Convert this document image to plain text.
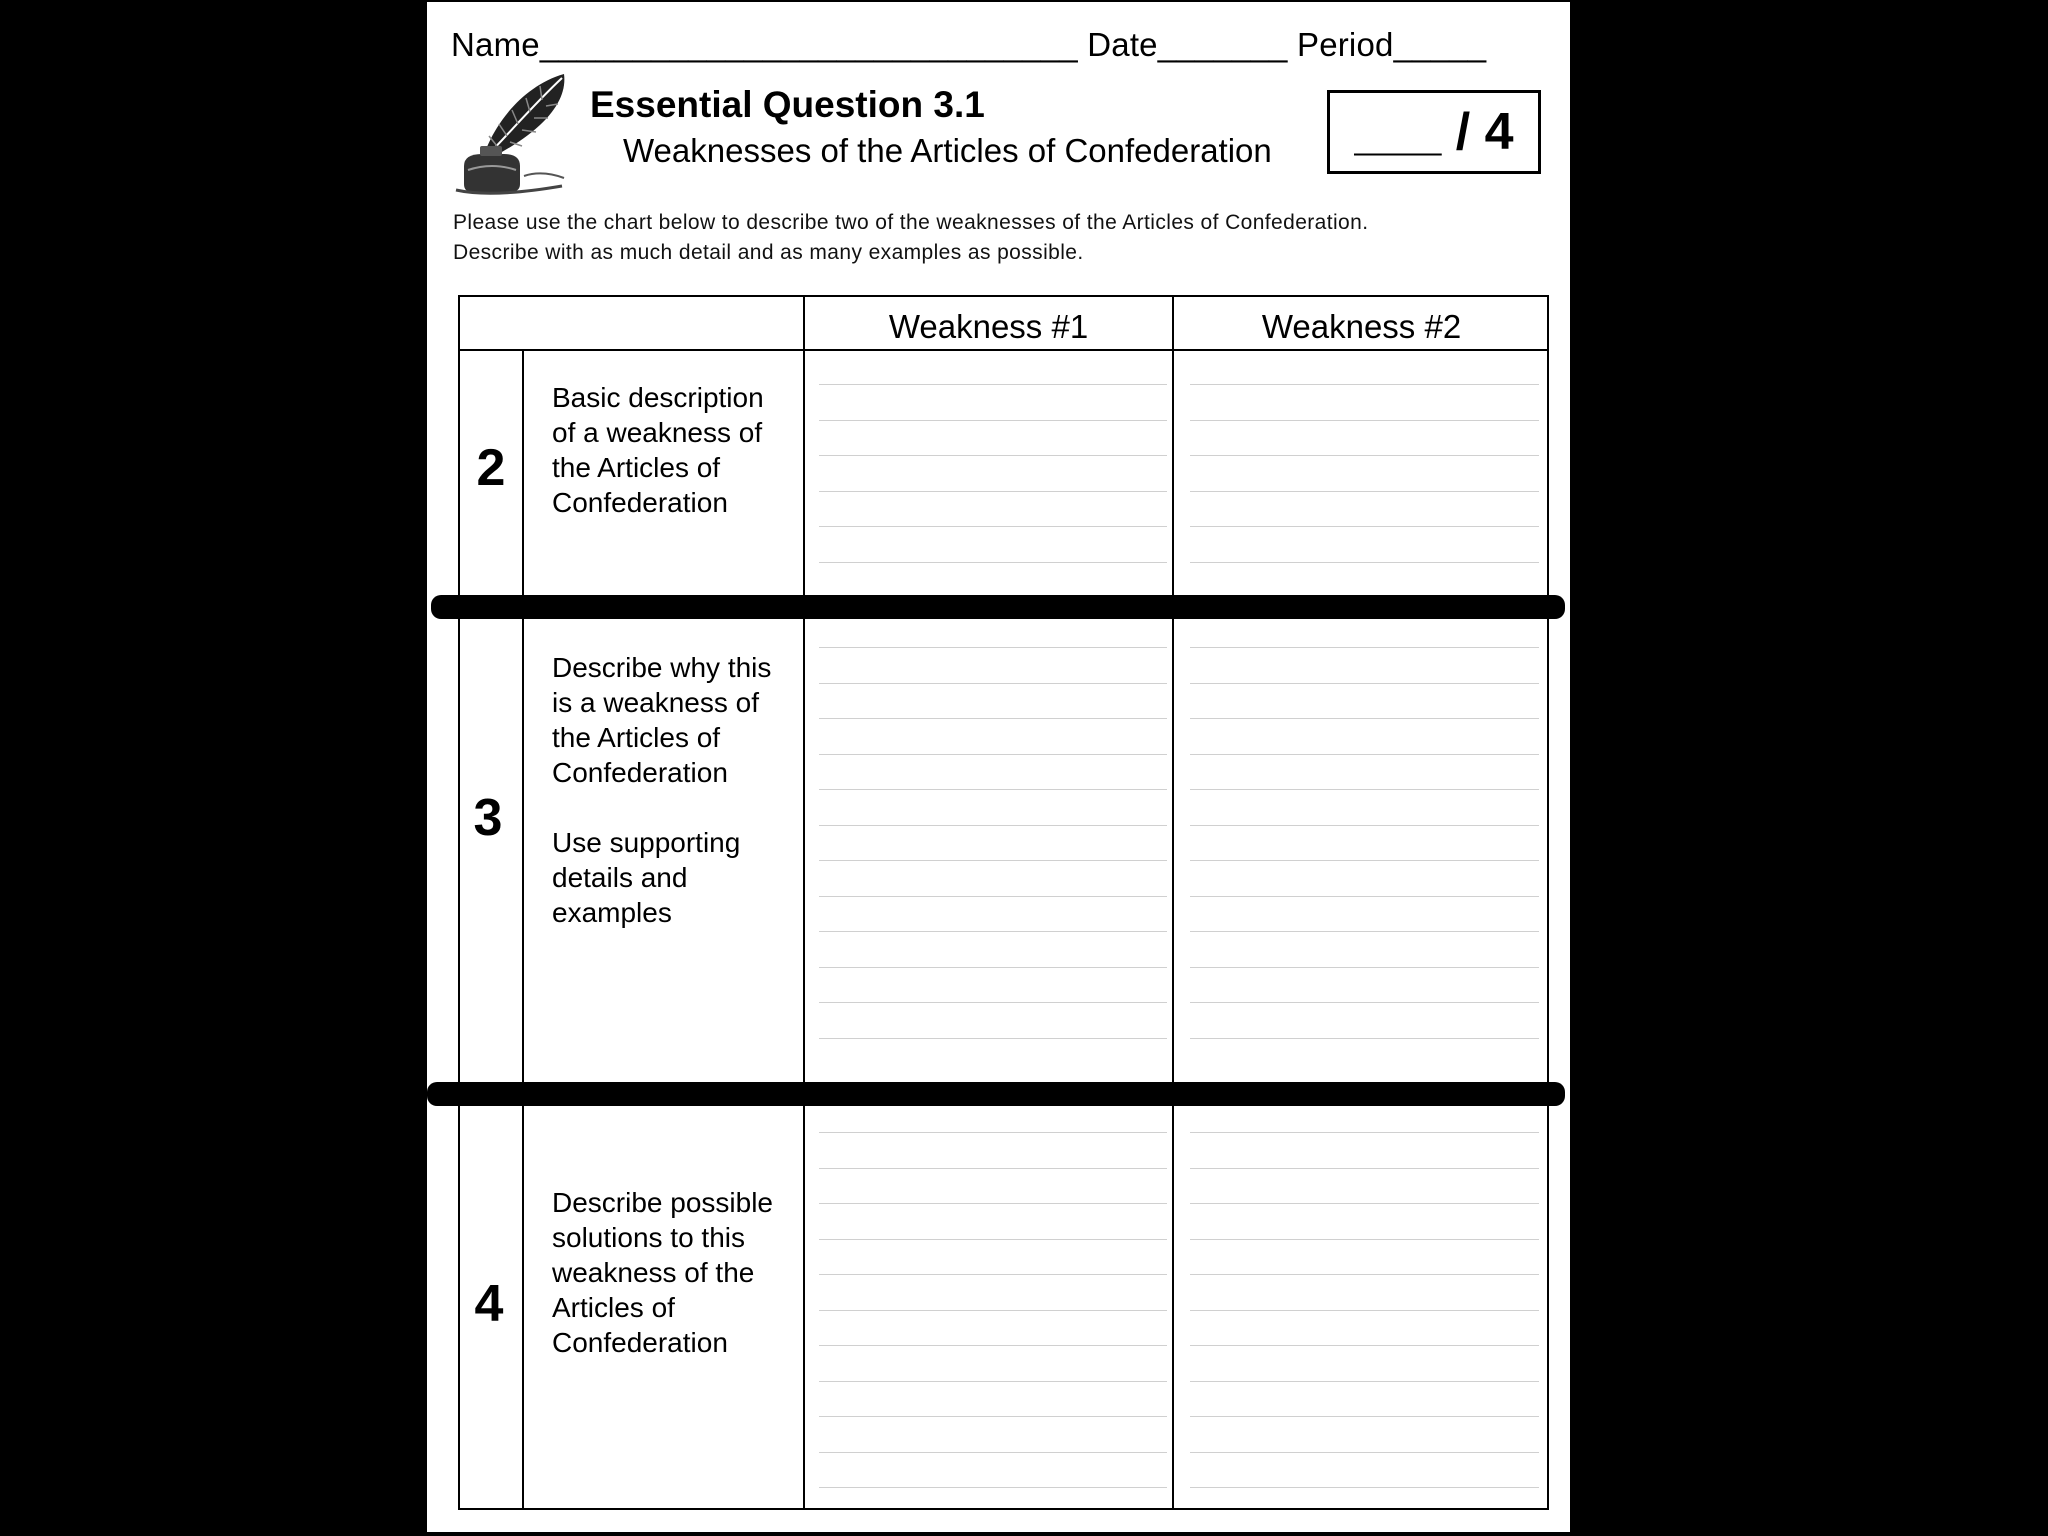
Name_____________________________ Date_______ Period_____
Essential Question 3.1
Weaknesses of the Articles of Confederation	___ / 4
Please use the chart below to describe two of the weaknesses of the Articles of Confederation.
Describe with as much detail and as many examples as possible.
Weakness #1	Weakness #2
2

Basic description

of a weakness of

the Articles of

Confederation

3

Describe why this

is a weakness of

the Articles of

Confederation

Use supporting

details and

examples

4

Describe possible

solutions to this

weakness of the

Articles of

Confederation
